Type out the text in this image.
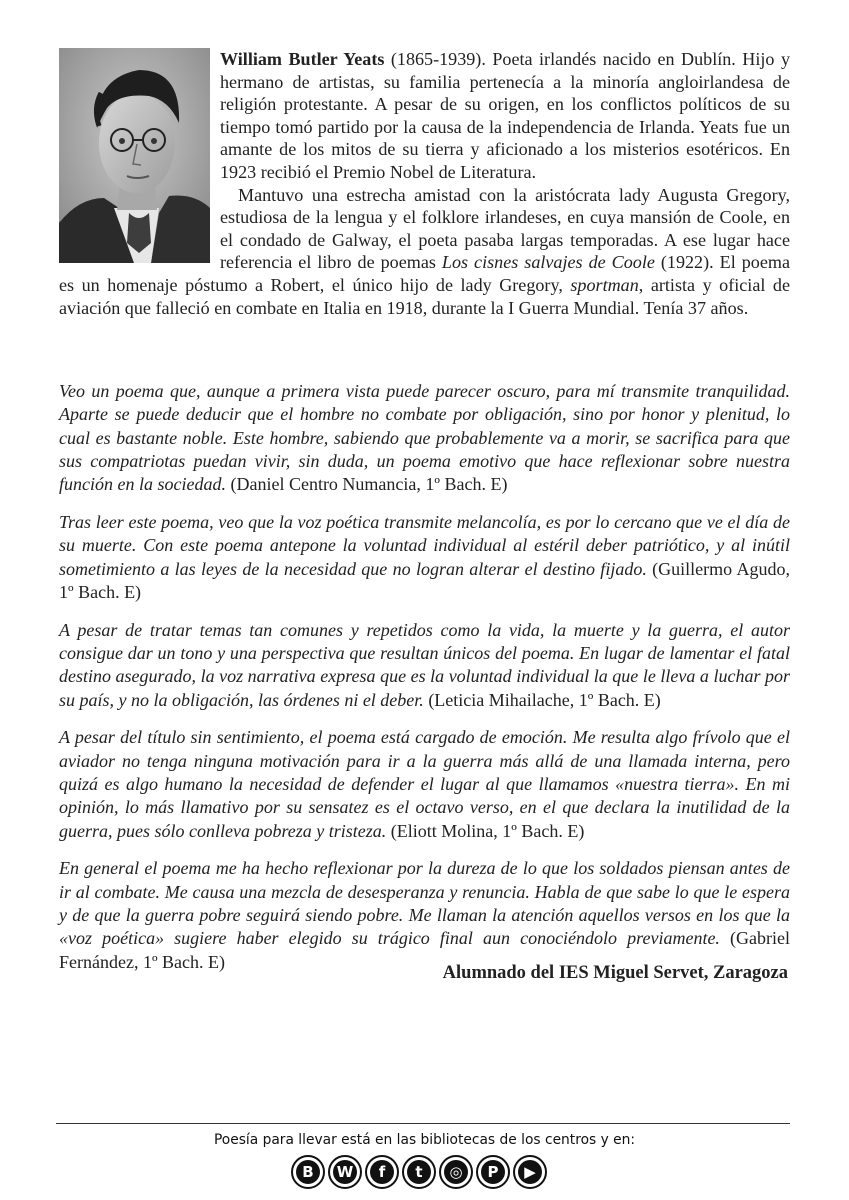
William Butler Yeats (1865-1939). Poeta irlandés nacido en Dublín. Hijo y hermano de artistas, su familia pertenecía a la minoría angloirlandesa de religión protestante. A pesar de su origen, en los conflictos políticos de su tiempo tomó partido por la causa de la independencia de Irlanda. Yeats fue un amante de los mitos de su tierra y aficionado a los misterios esotéricos. En 1923 recibió el Premio Nobel de Literatura.

Mantuvo una estrecha amistad con la aristócrata lady Augusta Gregory, estudiosa de la lengua y el folklore irlandeses, en cuya mansión de Coole, en el condado de Galway, el poeta pasaba largas temporadas. A ese lugar hace referencia el libro de poemas Los cisnes salvajes de Coole (1922). El poema es un homenaje póstumo a Robert, el único hijo de lady Gregory, sportman, artista y oficial de aviación que falleció en combate en Italia en 1918, durante la I Guerra Mundial. Tenía 37 años.

Veo un poema que, aunque a primera vista puede parecer oscuro, para mí transmite tranquilidad. Aparte se puede deducir que el hombre no combate por obligación, sino por honor y plenitud, lo cual es bastante noble. Este hombre, sabiendo que probablemente va a morir, se sacrifica para que sus compatriotas puedan vivir, sin duda, un poema emotivo que hace reflexionar sobre nuestra función en la sociedad. (Daniel Centro Numancia, 1º Bach. E)

Tras leer este poema, veo que la voz poética transmite melancolía, es por lo cercano que ve el día de su muerte. Con este poema antepone la voluntad individual al estéril deber patriótico, y al inútil sometimiento a las leyes de la necesidad que no logran alterar el destino fijado. (Guillermo Agudo, 1º Bach. E)

A pesar de tratar temas tan comunes y repetidos como la vida, la muerte y la guerra, el autor consigue dar un tono y una perspectiva que resultan únicos del poema. En lugar de lamentar el fatal destino asegurado, la voz narrativa expresa que es la voluntad individual la que le lleva a luchar por su país, y no la obligación, las órdenes ni el deber. (Leticia Mihailache, 1º Bach. E)

A pesar del título sin sentimiento, el poema está cargado de emoción. Me resulta algo frívolo que el aviador no tenga ninguna motivación para ir a la guerra más allá de una llamada interna, pero quizá es algo humano la necesidad de defender el lugar al que llamamos «nuestra tierra». En mi opinión, lo más llamativo por su sensatez es el octavo verso, en el que declara la inutilidad de la guerra, pues sólo conlleva pobreza y tristeza. (Eliott Molina, 1º Bach. E)

En general el poema me ha hecho reflexionar por la dureza de lo que los soldados piensan antes de ir al combate. Me causa una mezcla de desesperanza y renuncia. Habla de que sabe lo que le espera y de que la guerra pobre seguirá siendo pobre. Me llaman la atención aquellos versos en los que la «voz poética» sugiere haber elegido su trágico final aun conociéndolo previamente. (Gabriel Fernández, 1º Bach. E)

Alumnado del IES Miguel Servet, Zaragoza
Poesía para llevar está en las bibliotecas de los centros y en:
B	W	f	t	◎	P	▶
